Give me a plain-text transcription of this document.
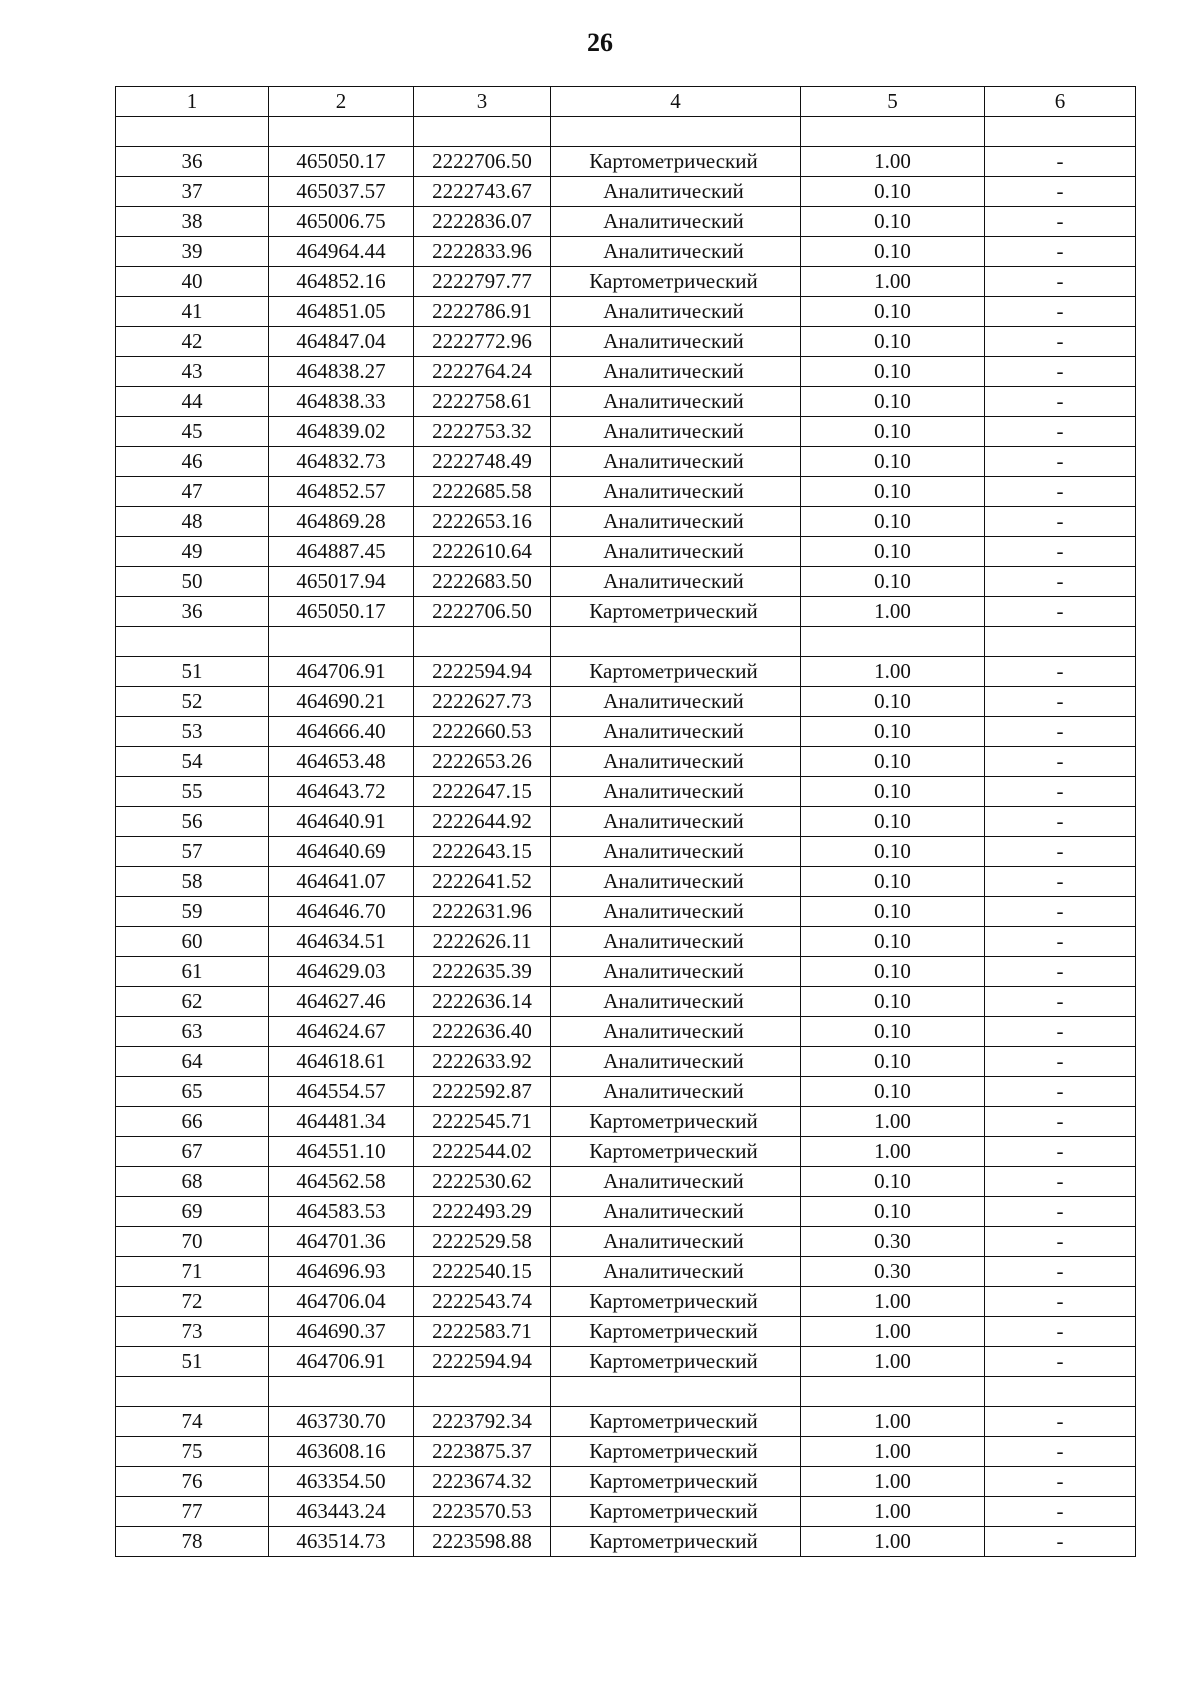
26
1	2	3	4	5	6

36	465050.17	2222706.50	Картометрический	1.00	-
37	465037.57	2222743.67	Аналитический	0.10	-
38	465006.75	2222836.07	Аналитический	0.10	-
39	464964.44	2222833.96	Аналитический	0.10	-
40	464852.16	2222797.77	Картометрический	1.00	-
41	464851.05	2222786.91	Аналитический	0.10	-
42	464847.04	2222772.96	Аналитический	0.10	-
43	464838.27	2222764.24	Аналитический	0.10	-
44	464838.33	2222758.61	Аналитический	0.10	-
45	464839.02	2222753.32	Аналитический	0.10	-
46	464832.73	2222748.49	Аналитический	0.10	-
47	464852.57	2222685.58	Аналитический	0.10	-
48	464869.28	2222653.16	Аналитический	0.10	-
49	464887.45	2222610.64	Аналитический	0.10	-
50	465017.94	2222683.50	Аналитический	0.10	-
36	465050.17	2222706.50	Картометрический	1.00	-

51	464706.91	2222594.94	Картометрический	1.00	-
52	464690.21	2222627.73	Аналитический	0.10	-
53	464666.40	2222660.53	Аналитический	0.10	-
54	464653.48	2222653.26	Аналитический	0.10	-
55	464643.72	2222647.15	Аналитический	0.10	-
56	464640.91	2222644.92	Аналитический	0.10	-
57	464640.69	2222643.15	Аналитический	0.10	-
58	464641.07	2222641.52	Аналитический	0.10	-
59	464646.70	2222631.96	Аналитический	0.10	-
60	464634.51	2222626.11	Аналитический	0.10	-
61	464629.03	2222635.39	Аналитический	0.10	-
62	464627.46	2222636.14	Аналитический	0.10	-
63	464624.67	2222636.40	Аналитический	0.10	-
64	464618.61	2222633.92	Аналитический	0.10	-
65	464554.57	2222592.87	Аналитический	0.10	-
66	464481.34	2222545.71	Картометрический	1.00	-
67	464551.10	2222544.02	Картометрический	1.00	-
68	464562.58	2222530.62	Аналитический	0.10	-
69	464583.53	2222493.29	Аналитический	0.10	-
70	464701.36	2222529.58	Аналитический	0.30	-
71	464696.93	2222540.15	Аналитический	0.30	-
72	464706.04	2222543.74	Картометрический	1.00	-
73	464690.37	2222583.71	Картометрический	1.00	-
51	464706.91	2222594.94	Картометрический	1.00	-

74	463730.70	2223792.34	Картометрический	1.00	-
75	463608.16	2223875.37	Картометрический	1.00	-
76	463354.50	2223674.32	Картометрический	1.00	-
77	463443.24	2223570.53	Картометрический	1.00	-
78	463514.73	2223598.88	Картометрический	1.00	-
